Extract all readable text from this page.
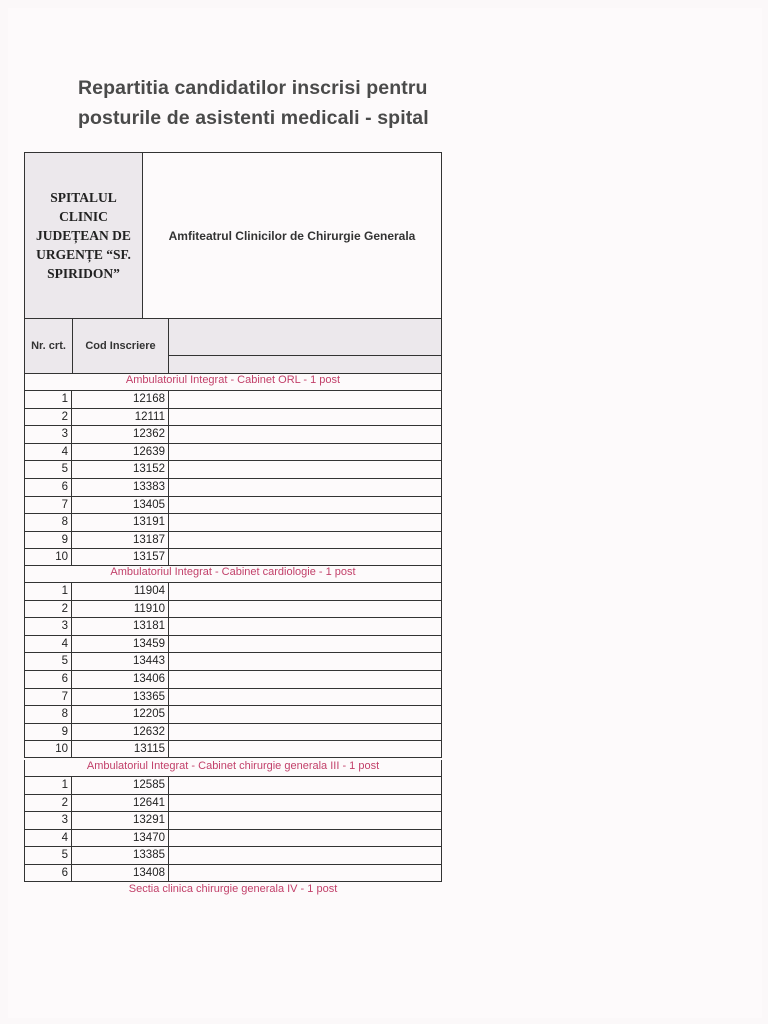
Repartitia candidatilor inscrisi pentru
posturile de asistenti medicali - spital
SPITALUL CLINIC JUDEȚEAN DE URGENȚE “SF. SPIRIDON”
Amfiteatrul Clinicilor de Chirurgie Generala
Nr. crt.	Cod Inscriere
Ambulatoriul Integrat - Cabinet ORL - 1 post
1	12168
2	12111
3	12362
4	12639
5	13152
6	13383
7	13405
8	13191
9	13187
10	13157
Ambulatoriul Integrat - Cabinet cardiologie - 1 post
1	11904
2	11910
3	13181
4	13459
5	13443
6	13406
7	13365
8	12205
9	12632
10	13115
Ambulatoriul Integrat - Cabinet chirurgie generala III - 1 post
1	12585
2	12641
3	13291
4	13470
5	13385
6	13408
Sectia clinica chirurgie generala IV - 1 post
